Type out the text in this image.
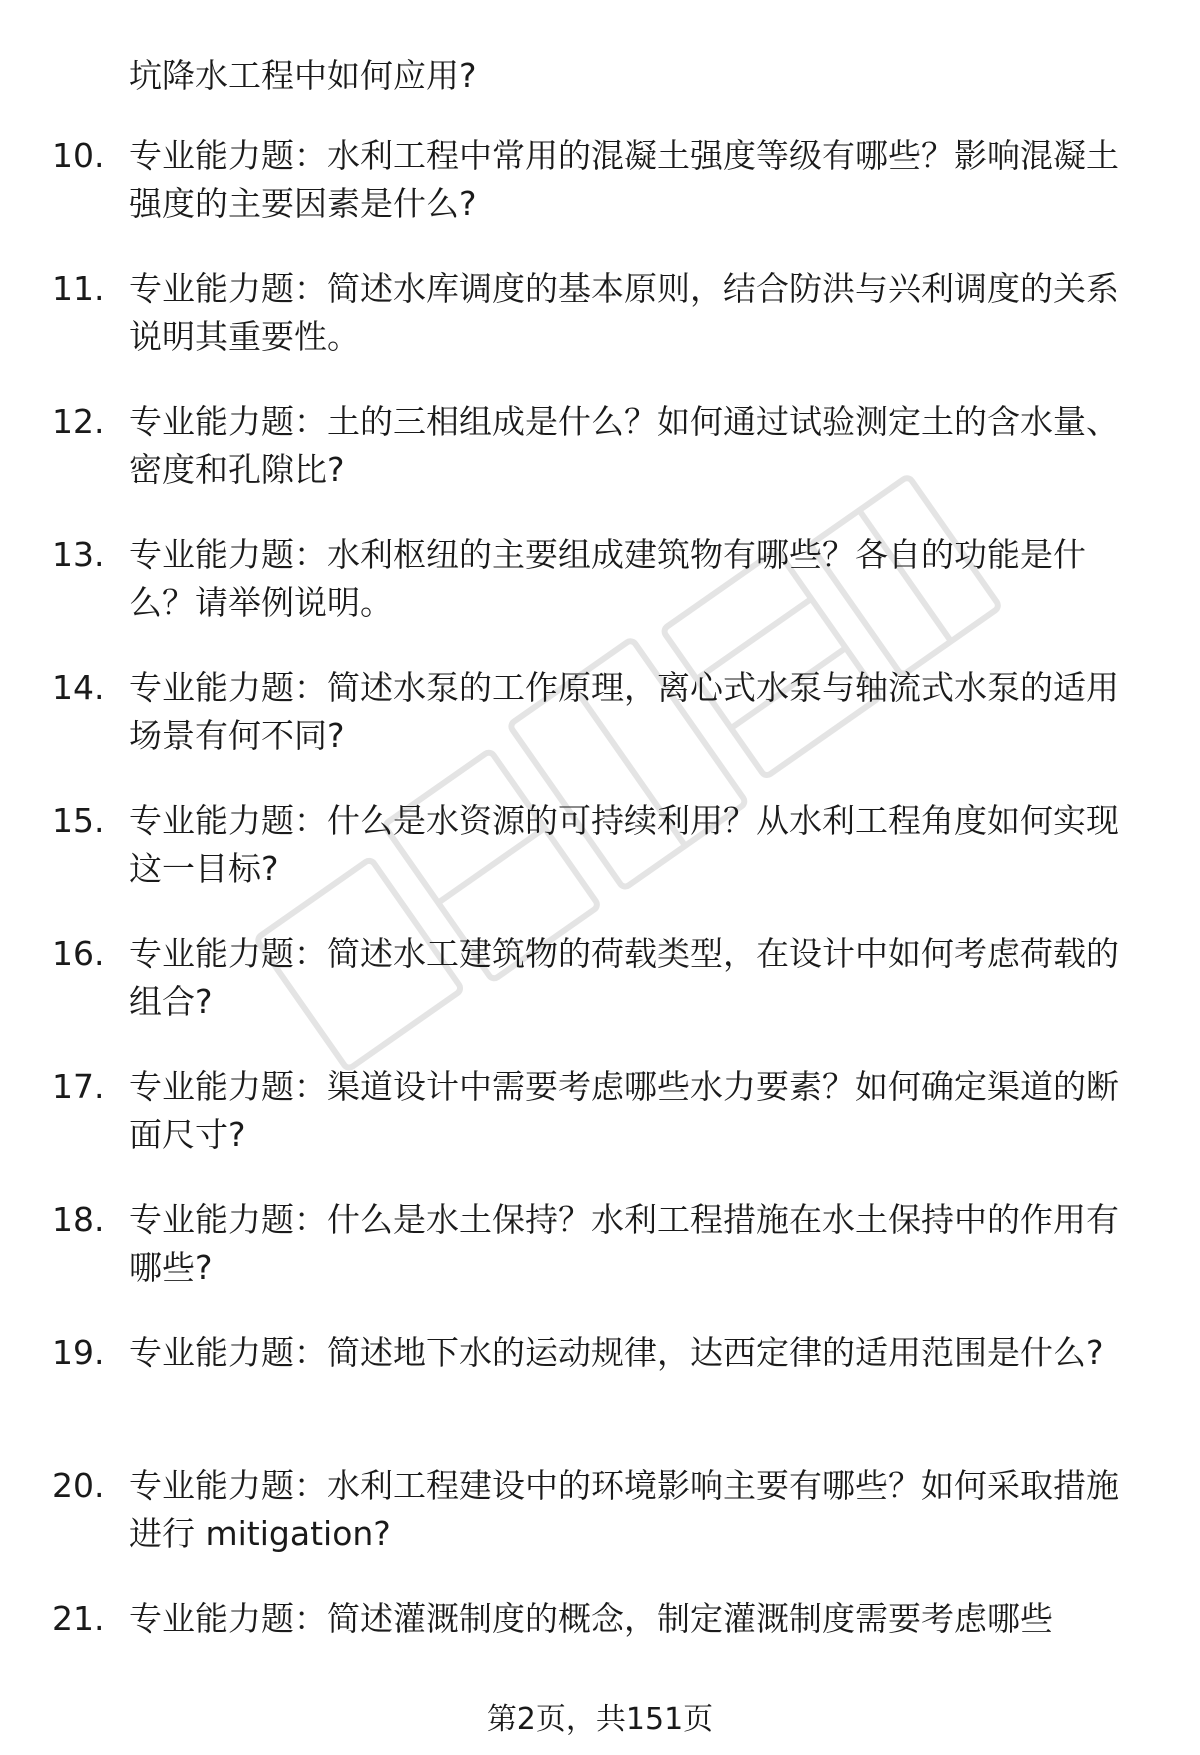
坑降水工程中如何应用?
10. 专业能力题：水利工程中常用的混凝土强度等级有哪些？影响混凝土强度的主要因素是什么?
11. 专业能力题：简述水库调度的基本原则，结合防洪与兴利调度的关系说明其重要性。
12. 专业能力题：土的三相组成是什么？如何通过试验测定土的含水量、密度和孔隙比?
13. 专业能力题：水利枢纽的主要组成建筑物有哪些？各自的功能是什么？请举例说明。
14. 专业能力题：简述水泵的工作原理，离心式水泵与轴流式水泵的适用场景有何不同?
15. 专业能力题：什么是水资源的可持续利用？从水利工程角度如何实现这一目标?
16. 专业能力题：简述水工建筑物的荷载类型，在设计中如何考虑荷载的组合?
17. 专业能力题：渠道设计中需要考虑哪些水力要素？如何确定渠道的断面尺寸?
18. 专业能力题：什么是水土保持？水利工程措施在水土保持中的作用有哪些?
19. 专业能力题：简述地下水的运动规律，达西定律的适用范围是什么?
20. 专业能力题：水利工程建设中的环境影响主要有哪些？如何采取措施进行 mitigation?
21. 专业能力题：简述灌溉制度的概念，制定灌溉制度需要考虑哪些
第2页，共151页
